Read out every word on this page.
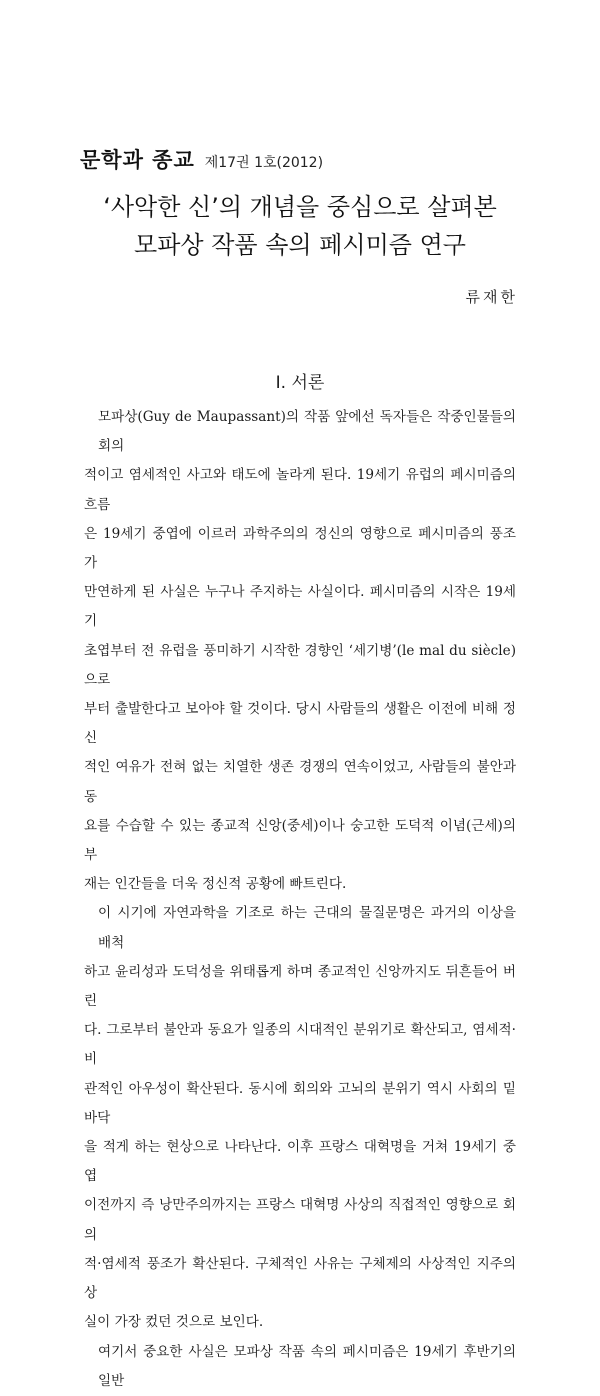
문학과 종교 제17권 1호(2012)
‘사악한 신’의 개념을 중심으로 살펴본
모파상 작품 속의 페시미즘 연구
류재한
Ⅰ. 서론
모파상(Guy de Maupassant)의 작품 앞에선 독자들은 작중인물들의 회의
적이고 염세적인 사고와 태도에 놀라게 된다. 19세기 유럽의 페시미즘의 흐름
은 19세기 중엽에 이르러 과학주의의 정신의 영향으로 페시미즘의 풍조가
만연하게 된 사실은 누구나 주지하는 사실이다. 페시미즘의 시작은 19세기
초엽부터 전 유럽을 풍미하기 시작한 경향인 ‘세기병’(le mal du siècle)으로
부터 출발한다고 보아야 할 것이다. 당시 사람들의 생활은 이전에 비해 정신
적인 여유가 전혀 없는 치열한 생존 경쟁의 연속이었고, 사람들의 불안과 동
요를 수습할 수 있는 종교적 신앙(중세)이나 숭고한 도덕적 이념(근세)의 부
재는 인간들을 더욱 정신적 공황에 빠트린다.
이 시기에 자연과학을 기조로 하는 근대의 물질문명은 과거의 이상을 배척
하고 윤리성과 도덕성을 위태롭게 하며 종교적인 신앙까지도 뒤흔들어 버린
다. 그로부터 불안과 동요가 일종의 시대적인 분위기로 확산되고, 염세적·비
관적인 아우성이 확산된다. 동시에 회의와 고뇌의 분위기 역시 사회의 밑바닥
을 적게 하는 현상으로 나타난다. 이후 프랑스 대혁명을 거쳐 19세기 중엽
이전까지 즉 낭만주의까지는 프랑스 대혁명 사상의 직접적인 영향으로 회의
적·염세적 풍조가 확산된다. 구체적인 사유는 구체제의 사상적인 지주의 상
실이 가장 컸던 것으로 보인다.
여기서 중요한 사실은 모파상 작품 속의 페시미즘은 19세기 후반기의 일반
